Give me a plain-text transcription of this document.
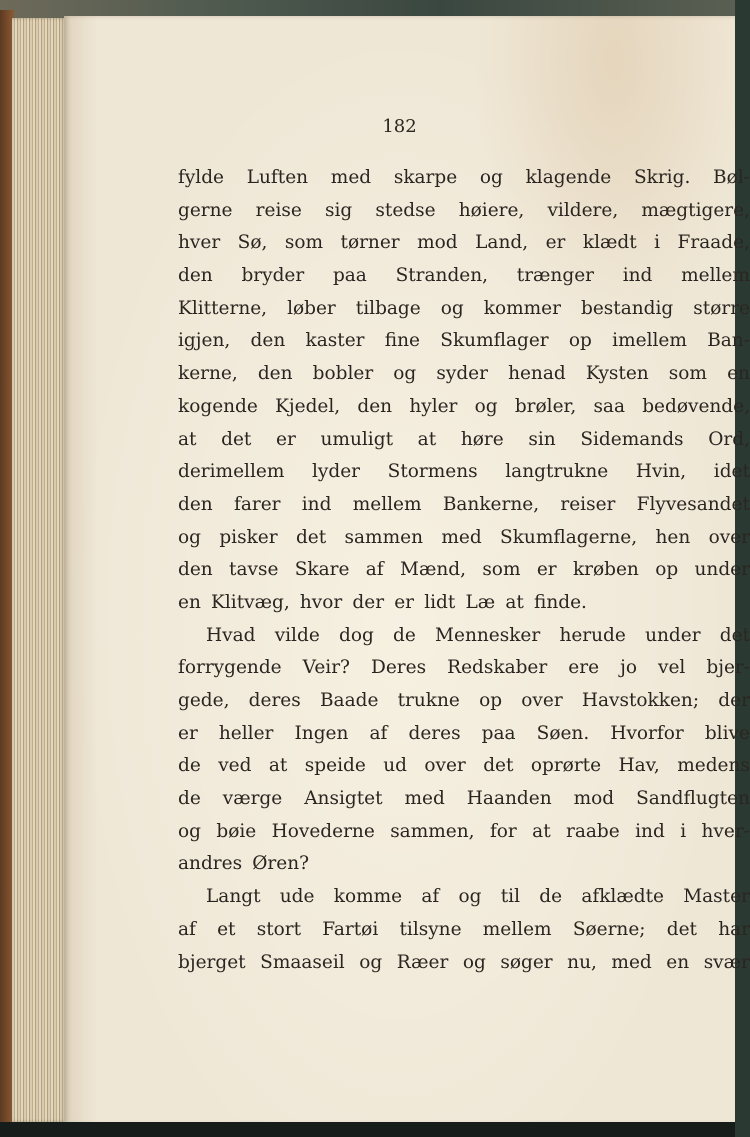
182
fylde Luften med skarpe og klagende Skrig. Bøl-
gerne reise sig stedse høiere, vildere, mægtigere,
hver Sø, som tørner mod Land, er klædt i Fraade,
den bryder paa Stranden, trænger ind mellem
Klitterne, løber tilbage og kommer bestandig større
igjen, den kaster fine Skumflager op imellem Ban-
kerne, den bobler og syder henad Kysten som en
kogende Kjedel, den hyler og brøler, saa bedøvende,
at det er umuligt at høre sin Sidemands Ord,
derimellem lyder Stormens langtrukne Hvin, idet
den farer ind mellem Bankerne, reiser Flyvesandet
og pisker det sammen med Skumflagerne, hen over
den tavse Skare af Mænd, som er krøben op under
en Klitvæg, hvor der er lidt Læ at finde.
Hvad vilde dog de Mennesker herude under det
forrygende Veir? Deres Redskaber ere jo vel bjer-
gede, deres Baade trukne op over Havstokken; der
er heller Ingen af deres paa Søen. Hvorfor blive
de ved at speide ud over det oprørte Hav, medens
de værge Ansigtet med Haanden mod Sandflugten
og bøie Hovederne sammen, for at raabe ind i hver-
andres Øren?
Langt ude komme af og til de afklædte Master
af et stort Fartøi tilsyne mellem Søerne; det har
bjerget Smaaseil og Ræer og søger nu, med en svær
